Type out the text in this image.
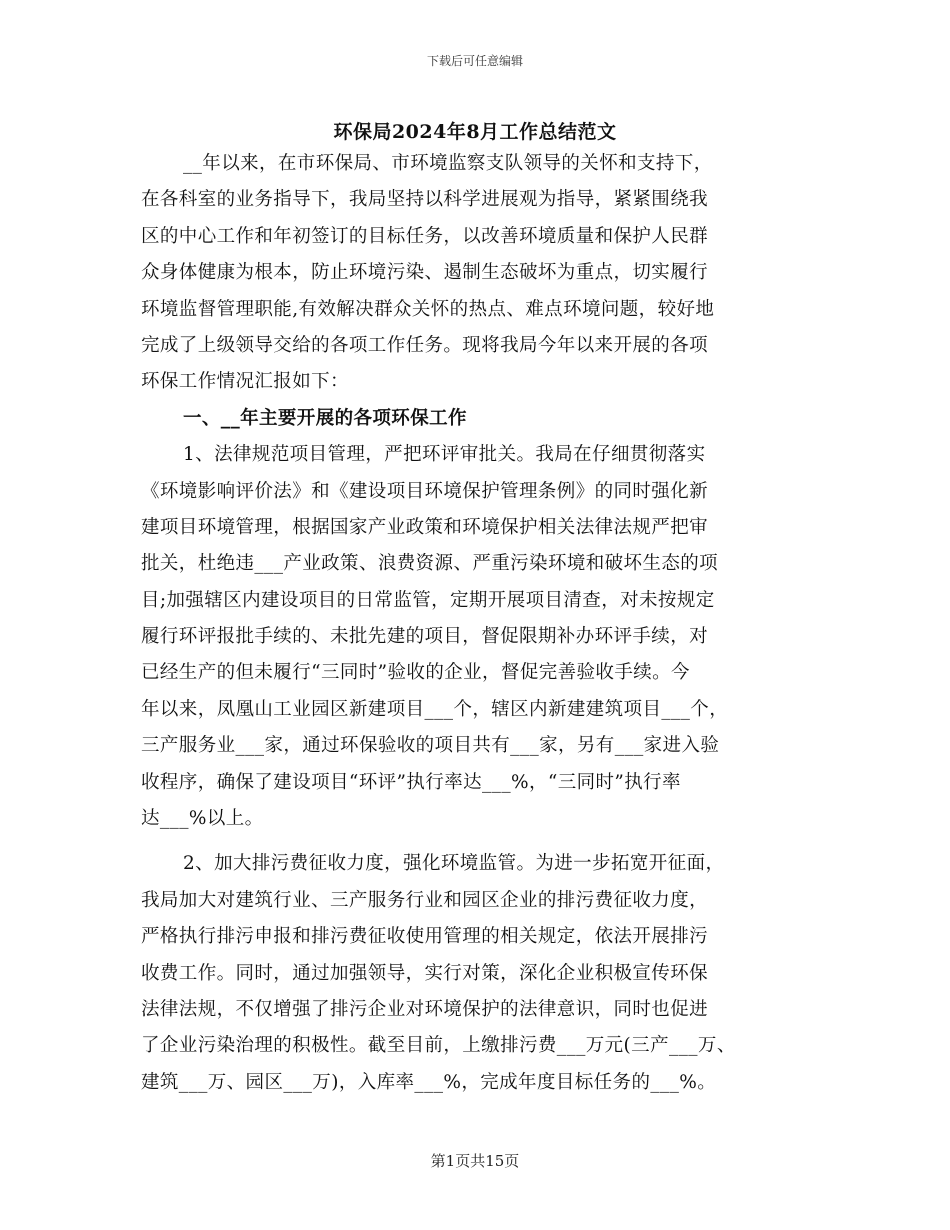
下载后可任意编辑
环保局2024年8月工作总结范文
__年以来，在市环保局、市环境监察支队领导的关怀和支持下，
在各科室的业务指导下，我局坚持以科学进展观为指导，紧紧围绕我
区的中心工作和年初签订的目标任务，以改善环境质量和保护人民群
众身体健康为根本，防止环境污染、遏制生态破坏为重点，切实履行
环境监督管理职能,有效解决群众关怀的热点、难点环境问题，较好地
完成了上级领导交给的各项工作任务。现将我局今年以来开展的各项
环保工作情况汇报如下：
一、__年主要开展的各项环保工作
1、法律规范项目管理，严把环评审批关。我局在仔细贯彻落实
《环境影响评价法》和《建设项目环境保护管理条例》的同时强化新
建项目环境管理，根据国家产业政策和环境保护相关法律法规严把审
批关，杜绝违___产业政策、浪费资源、严重污染环境和破坏生态的项
目;加强辖区内建设项目的日常监管，定期开展项目清查，对未按规定
履行环评报批手续的、未批先建的项目，督促限期补办环评手续，对
已经生产的但未履行“三同时”验收的企业，督促完善验收手续。今
年以来，凤凰山工业园区新建项目___个，辖区内新建建筑项目___个，
三产服务业___家，通过环保验收的项目共有___家，另有___家进入验
收程序，确保了建设项目“环评”执行率达___%，“三同时”执行率
达___%以上。
2、加大排污费征收力度，强化环境监管。为进一步拓宽开征面，
我局加大对建筑行业、三产服务行业和园区企业的排污费征收力度，
严格执行排污申报和排污费征收使用管理的相关规定，依法开展排污
收费工作。同时，通过加强领导，实行对策，深化企业积极宣传环保
法律法规，不仅增强了排污企业对环境保护的法律意识，同时也促进
了企业污染治理的积极性。截至目前，上缴排污费___万元(三产___万、
建筑___万、园区___万)，入库率___%，完成年度目标任务的___%。
第1页共15页
